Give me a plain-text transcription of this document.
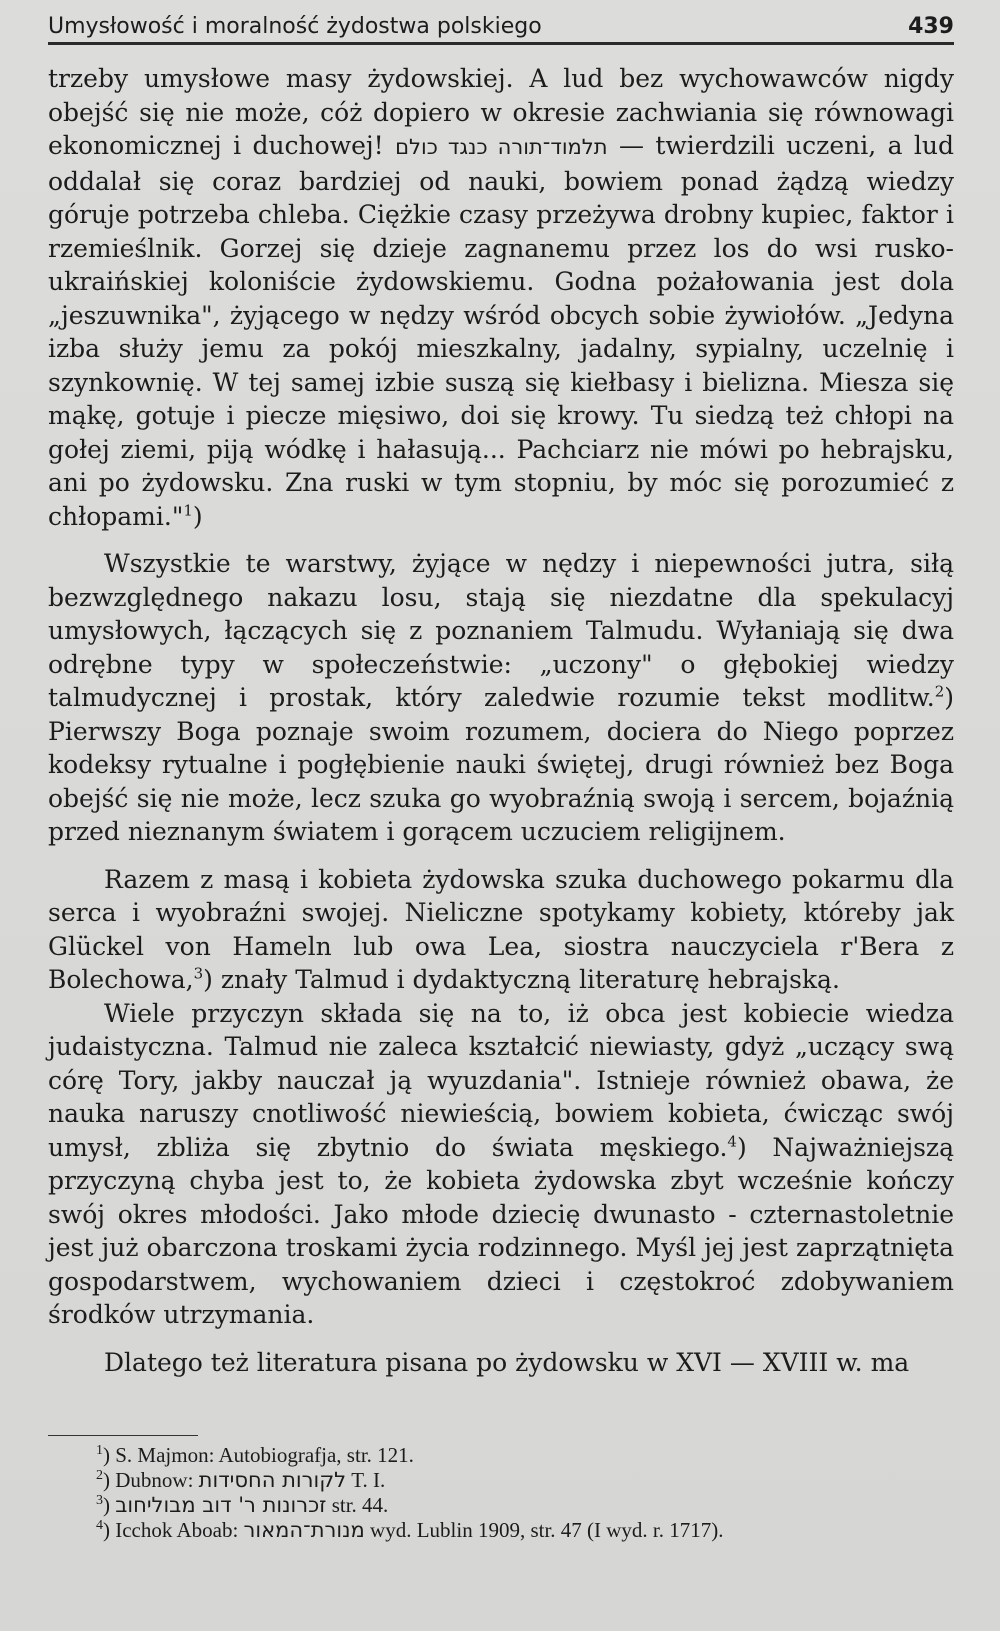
Umysłowość i moralność żydostwa polskiego	439

trzeby umysłowe masy żydowskiej. A lud bez wychowawców nigdy obejść się nie może, cóż dopiero w okresie zachwiania się równowagi ekonomicznej i duchowej! תלמוד־תורה כנגד כולם — twierdzili uczeni, a lud oddalał się coraz bardziej od nauki, bowiem ponad żądzą wiedzy góruje potrzeba chleba. Ciężkie czasy przeżywa drobny kupiec, faktor i rzemieślnik. Gorzej się dzieje zagnanemu przez los do wsi rusko-ukraińskiej koloniście żydowskiemu. Godna pożałowania jest dola „jeszuwnika", żyjącego w nędzy wśród obcych sobie żywiołów. „Jedyna izba służy jemu za pokój mieszkalny, jadalny, sypialny, uczelnię i szynkownię. W tej samej izbie suszą się kiełbasy i bielizna. Miesza się mąkę, gotuje i piecze mięsiwo, doi się krowy. Tu siedzą też chłopi na gołej ziemi, piją wódkę i hałasują... Pachciarz nie mówi po hebrajsku, ani po żydowsku. Zna ruski w tym stopniu, by móc się porozumieć z chłopami."$^1$)

Wszystkie te warstwy, żyjące w nędzy i niepewności jutra, siłą bezwzględnego nakazu losu, stają się niezdatne dla spekulacyj umysłowych, łączących się z poznaniem Talmudu. Wyłaniają się dwa odrębne typy w społeczeństwie: „uczony" o głębokiej wiedzy talmudycznej i prostak, który zaledwie rozumie tekst modlitw.$^2$) Pierwszy Boga poznaje swoim rozumem, dociera do Niego poprzez kodeksy rytualne i pogłębienie nauki świętej, drugi również bez Boga obejść się nie może, lecz szuka go wyobraźnią swoją i sercem, bojaźnią przed nieznanym światem i gorącem uczuciem religijnem.

Razem z masą i kobieta żydowska szuka duchowego pokarmu dla serca i wyobraźni swojej. Nieliczne spotykamy kobiety, któreby jak Glückel von Hameln lub owa Lea, siostra nauczyciela r'Bera z Bolechowa,$^3$) znały Talmud i dydaktyczną literaturę hebrajską.

Wiele przyczyn składa się na to, iż obca jest kobiecie wiedza judaistyczna. Talmud nie zaleca kształcić niewiasty, gdyż „uczący swą córę Tory, jakby nauczał ją wyuzdania". Istnieje również obawa, że nauka naruszy cnotliwość niewieścią, bowiem kobieta, ćwicząc swój umysł, zbliża się zbytnio do świata męskiego.$^4$) Najważniejszą przyczyną chyba jest to, że kobieta żydowska zbyt wcześnie kończy swój okres młodości. Jako młode dziecię dwunasto - czternastoletnie jest już obarczona troskami życia rodzinnego. Myśl jej jest zaprzątnięta gospodarstwem, wychowaniem dzieci i częstokroć zdobywaniem środków utrzymania.

Dlatego też literatura pisana po żydowsku w XVI — XVIII w. ma

$^1$) S. Majmon: Autobiografja, str. 121.

$^2$) Dubnow: לקורות החסידות T. I.

$^3$) זכרונות ר' דוב מבוליחוב str. 44.

$^4$) Icchok Aboab: מנורת־המאור wyd. Lublin 1909, str. 47 (I wyd. r. 1717).
